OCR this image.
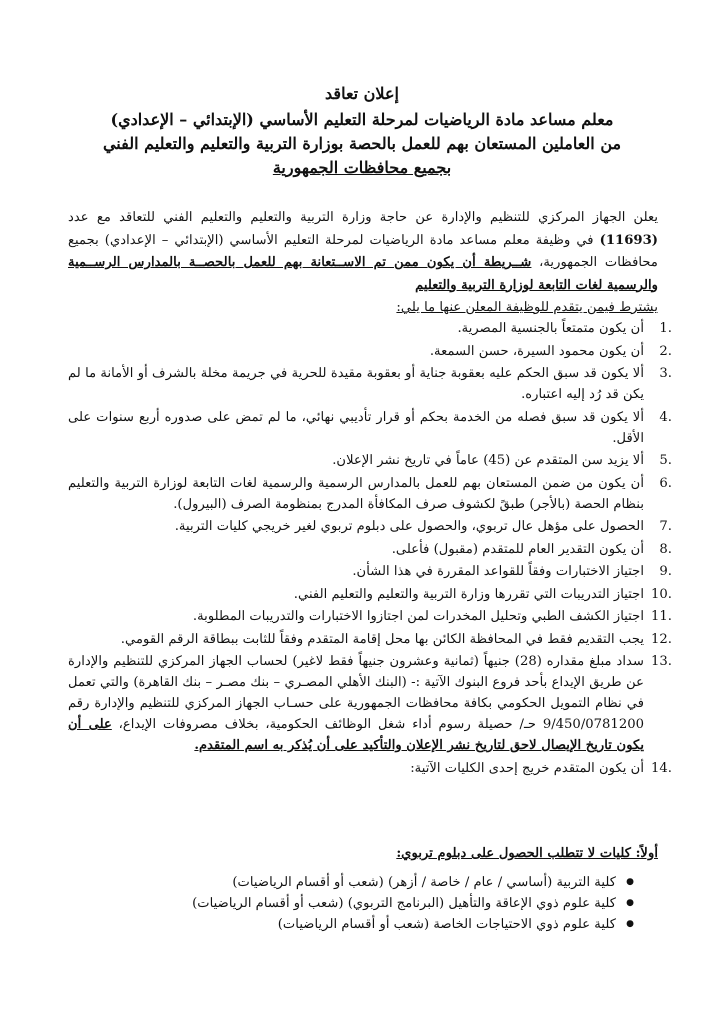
إعلان تعاقد
معلم مساعد مادة الرياضيات لمرحلة التعليم الأساسي (الإبتدائي – الإعدادي)
من العاملين المستعان بهم للعمل بالحصة بوزارة التربية والتعليم والتعليم الفني
بجميع محافظات الجمهورية
يعلن الجهاز المركزي للتنظيم والإدارة عن حاجة وزارة التربية والتعليم والتعليم الفني للتعاقد مع عدد (11693) في وظيفة معلم مساعد مادة الرياضيات لمرحلة التعليم الأساسي (الإبتدائي – الإعدادي) بجميع محافظات الجمهورية، شــريطة أن يكون ممن تم الاســتعانة بهم للعمل بالحصــة بالمدارس الرســمية والرسمية لغات التابعة لوزارة التربية والتعليم
يشترط فيمن يتقدم للوظيفة المعلن عنها ما يلي:
1.
أن يكون متمتعاً بالجنسية المصرية.
2.
أن يكون محمود السيرة، حسن السمعة.
3.
ألا يكون قد سبق الحكم عليه بعقوبة جناية أو بعقوبة مقيدة للحرية في جريمة مخلة بالشرف أو الأمانة ما لم يكن قد رُد إليه اعتباره.
4.
ألا يكون قد سبق فصله من الخدمة بحكم أو قرار تأديبي نهائي، ما لم تمض على صدوره أربع سنوات على الأقل.
5.
ألا يزيد سن المتقدم عن (45) عاماً في تاريخ نشر الإعلان.
6.
أن يكون من ضمن المستعان بهم للعمل بالمدارس الرسمية والرسمية لغات التابعة لوزارة التربية والتعليم بنظام الحصة (بالأجر) طبقً لكشوف صرف المكافأة المدرج بمنظومة الصرف (البيرول).
7.
الحصول على مؤهل عال تربوي، والحصول على دبلوم تربوي لغير خريجي كليات التربية.
8.
أن يكون التقدير العام للمتقدم (مقبول) فأعلى.
9.
اجتياز الاختبارات وفقاً للقواعد المقررة في هذا الشأن.
10.
اجتياز التدريبات التي تقررها وزارة التربية والتعليم والتعليم الفني.
11.
اجتياز الكشف الطبي وتحليل المخدرات لمن اجتازوا الاختبارات والتدريبات المطلوبة.
12.
يجب التقديم فقط في المحافظة الكائن بها محل إقامة المتقدم وفقاً للثابت ببطاقة الرقم القومي.
13.
سداد مبلغ مقداره (28) جنيهاً (ثمانية وعشرون جنيهاً فقط لاغير) لحساب الجهاز المركزي للتنظيم والإدارة عن طريق الإيداع بأحد فروع البنوك الآتية :- (البنك الأهلي المصـري – بنك مصـر – بنك القاهرة) والتي تعمل في نظام التمويل الحكومي بكافة محافظات الجمهورية على حسـاب الجهاز المركزي للتنظيم والإدارة رقم 9/450/0781200 حـ/ حصيلة رسوم أداء شغل الوظائف الحكومية، بخلاف مصروفات الإيداع، على أن يكون تاريخ الإيصال لاحق لتاريخ نشر الإعلان والتأكيد على أن يُذكر به اسم المتقدم.
14.
أن يكون المتقدم خريج إحدى الكليات الآتية:
أولاً: كليات لا تتطلب الحصول على دبلوم تربوي:
● كلية التربية (أساسي / عام / خاصة / أزهر) (شعب أو أقسام الرياضيات)
● كلية علوم ذوي الإعاقة والتأهيل (البرنامج التربوي) (شعب أو أقسام الرياضيات)
● كلية علوم ذوي الاحتياجات الخاصة (شعب أو أقسام الرياضيات)
